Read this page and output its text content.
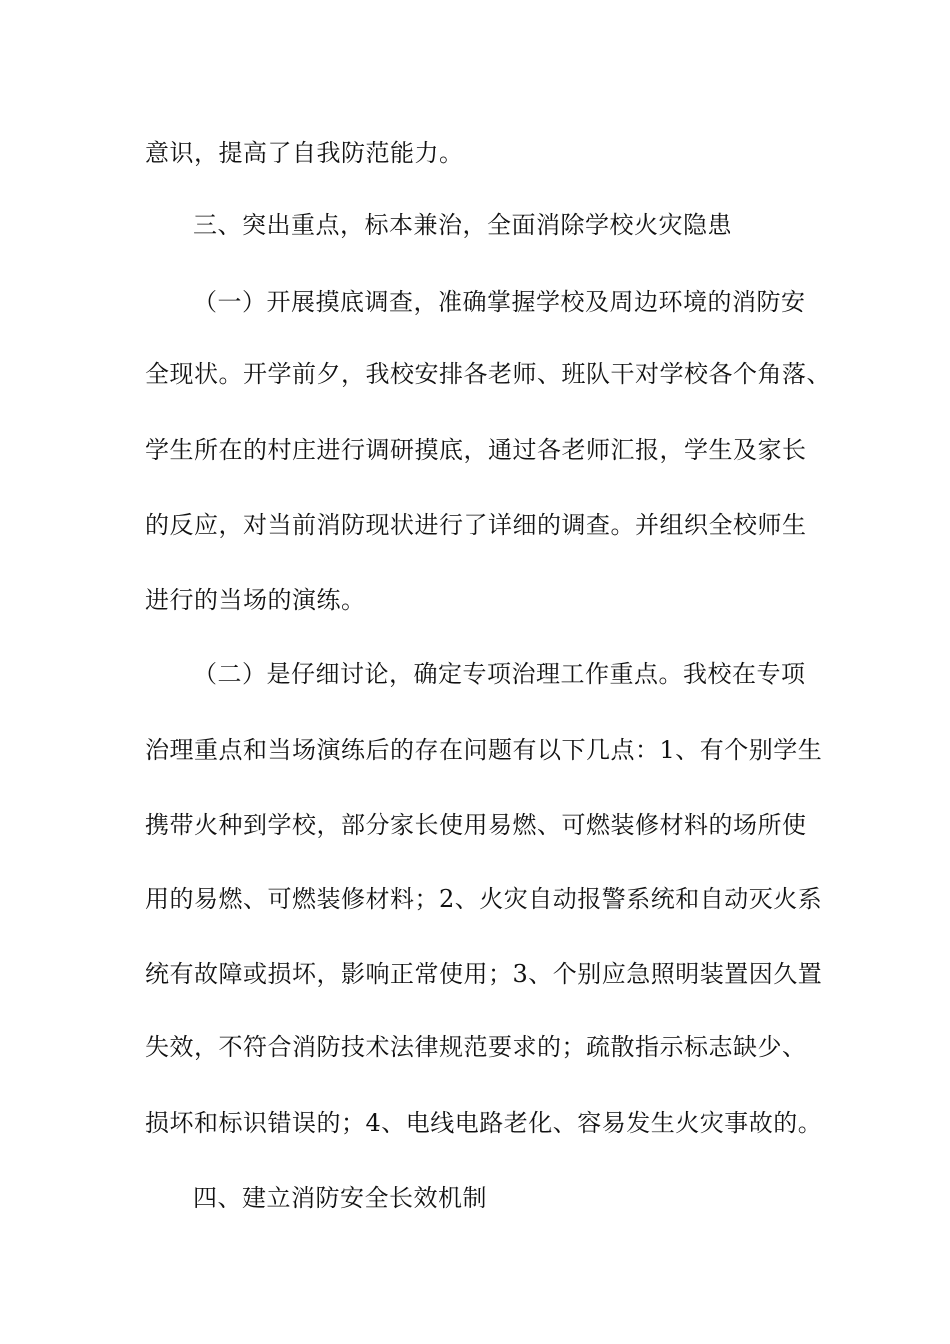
意识，提高了自我防范能力。
三、突出重点，标本兼治，全面消除学校火灾隐患
（一）开展摸底调查，准确掌握学校及周边环境的消防安
全现状。开学前夕，我校安排各老师、班队干对学校各个角落、
学生所在的村庄进行调研摸底，通过各老师汇报，学生及家长
的反应，对当前消防现状进行了详细的调查。并组织全校师生
进行的当场的演练。
（二）是仔细讨论，确定专项治理工作重点。我校在专项
治理重点和当场演练后的存在问题有以下几点：1、有个别学生
携带火种到学校，部分家长使用易燃、可燃装修材料的场所使
用的易燃、可燃装修材料；2、火灾自动报警系统和自动灭火系
统有故障或损坏，影响正常使用；3、个别应急照明装置因久置
失效，不符合消防技术法律规范要求的；疏散指示标志缺少、
损坏和标识错误的；4、电线电路老化、容易发生火灾事故的。
四、建立消防安全长效机制
